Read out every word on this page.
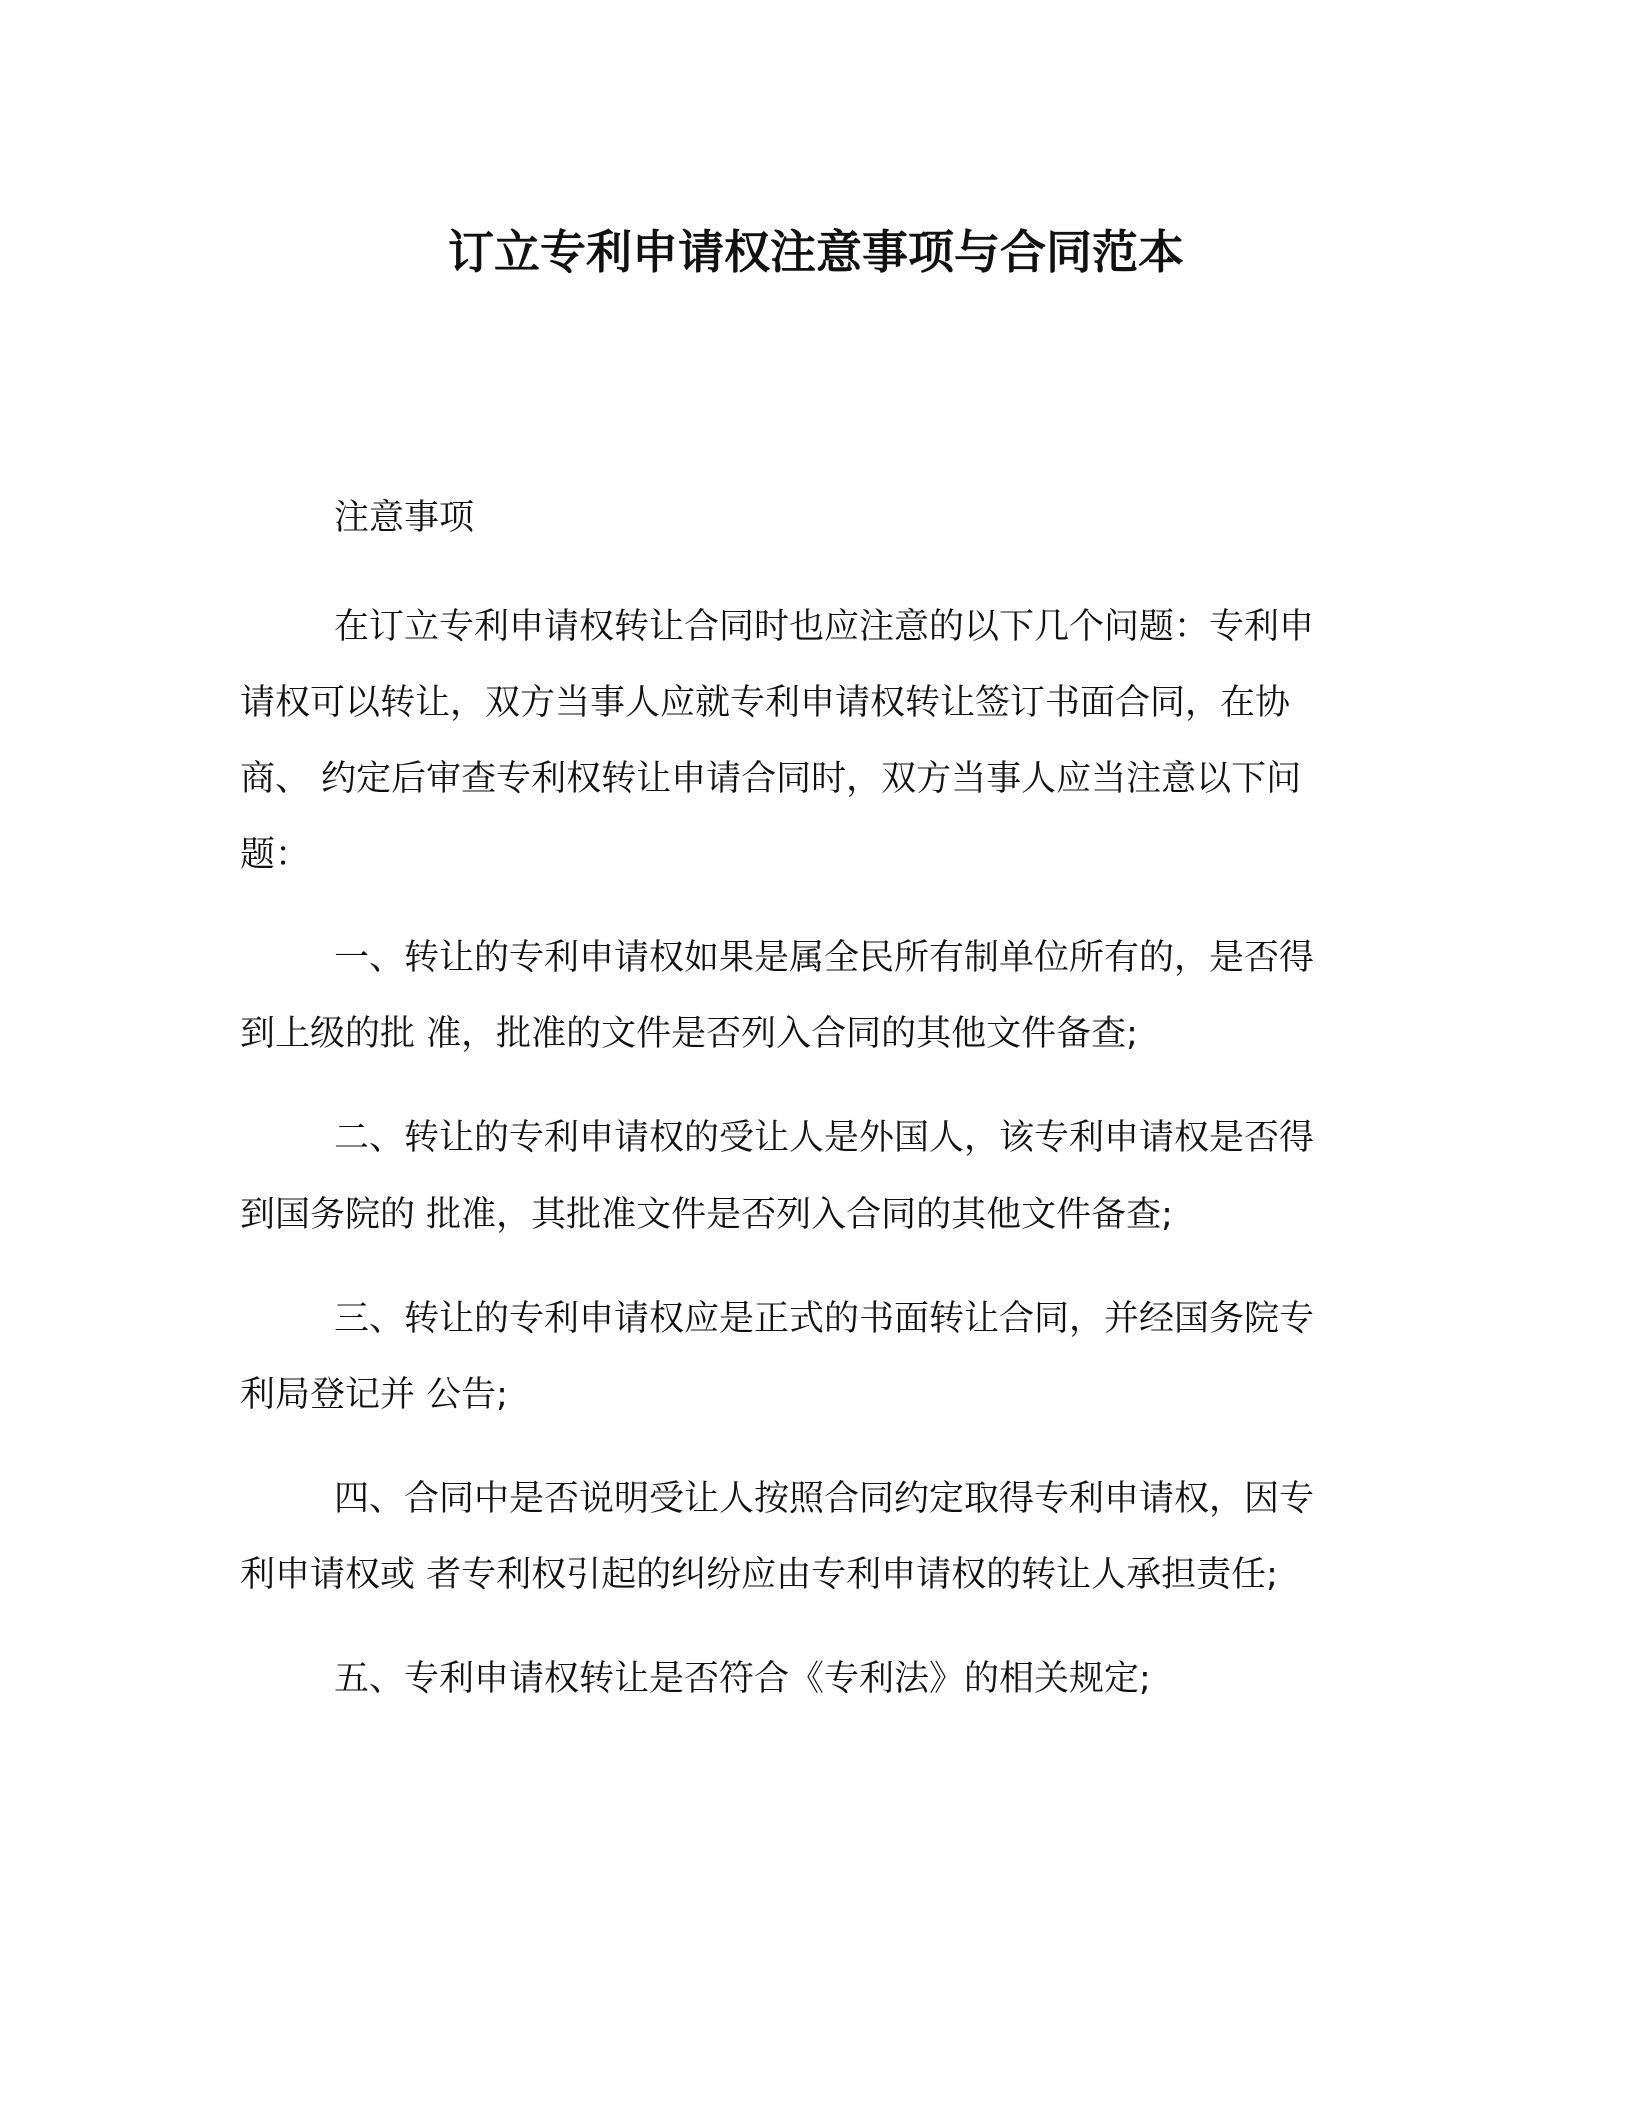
订立专利申请权注意事项与合同范本
注意事项
在订立专利申请权转让合同时也应注意的以下几个问题：专利申
请权可以转让，双方当事人应就专利申请权转让签订书面合同，在协
商、 约定后审查专利权转让申请合同时，双方当事人应当注意以下问
题：
一、转让的专利申请权如果是属全民所有制单位所有的，是否得
到上级的批 准，批准的文件是否列入合同的其他文件备查;
二、转让的专利申请权的受让人是外国人，该专利申请权是否得
到国务院的 批准，其批准文件是否列入合同的其他文件备查;
三、转让的专利申请权应是正式的书面转让合同，并经国务院专
利局登记并 公告;
四、合同中是否说明受让人按照合同约定取得专利申请权，因专
利申请权或 者专利权引起的纠纷应由专利申请权的转让人承担责任;
五、专利申请权转让是否符合《专利法》的相关规定;
